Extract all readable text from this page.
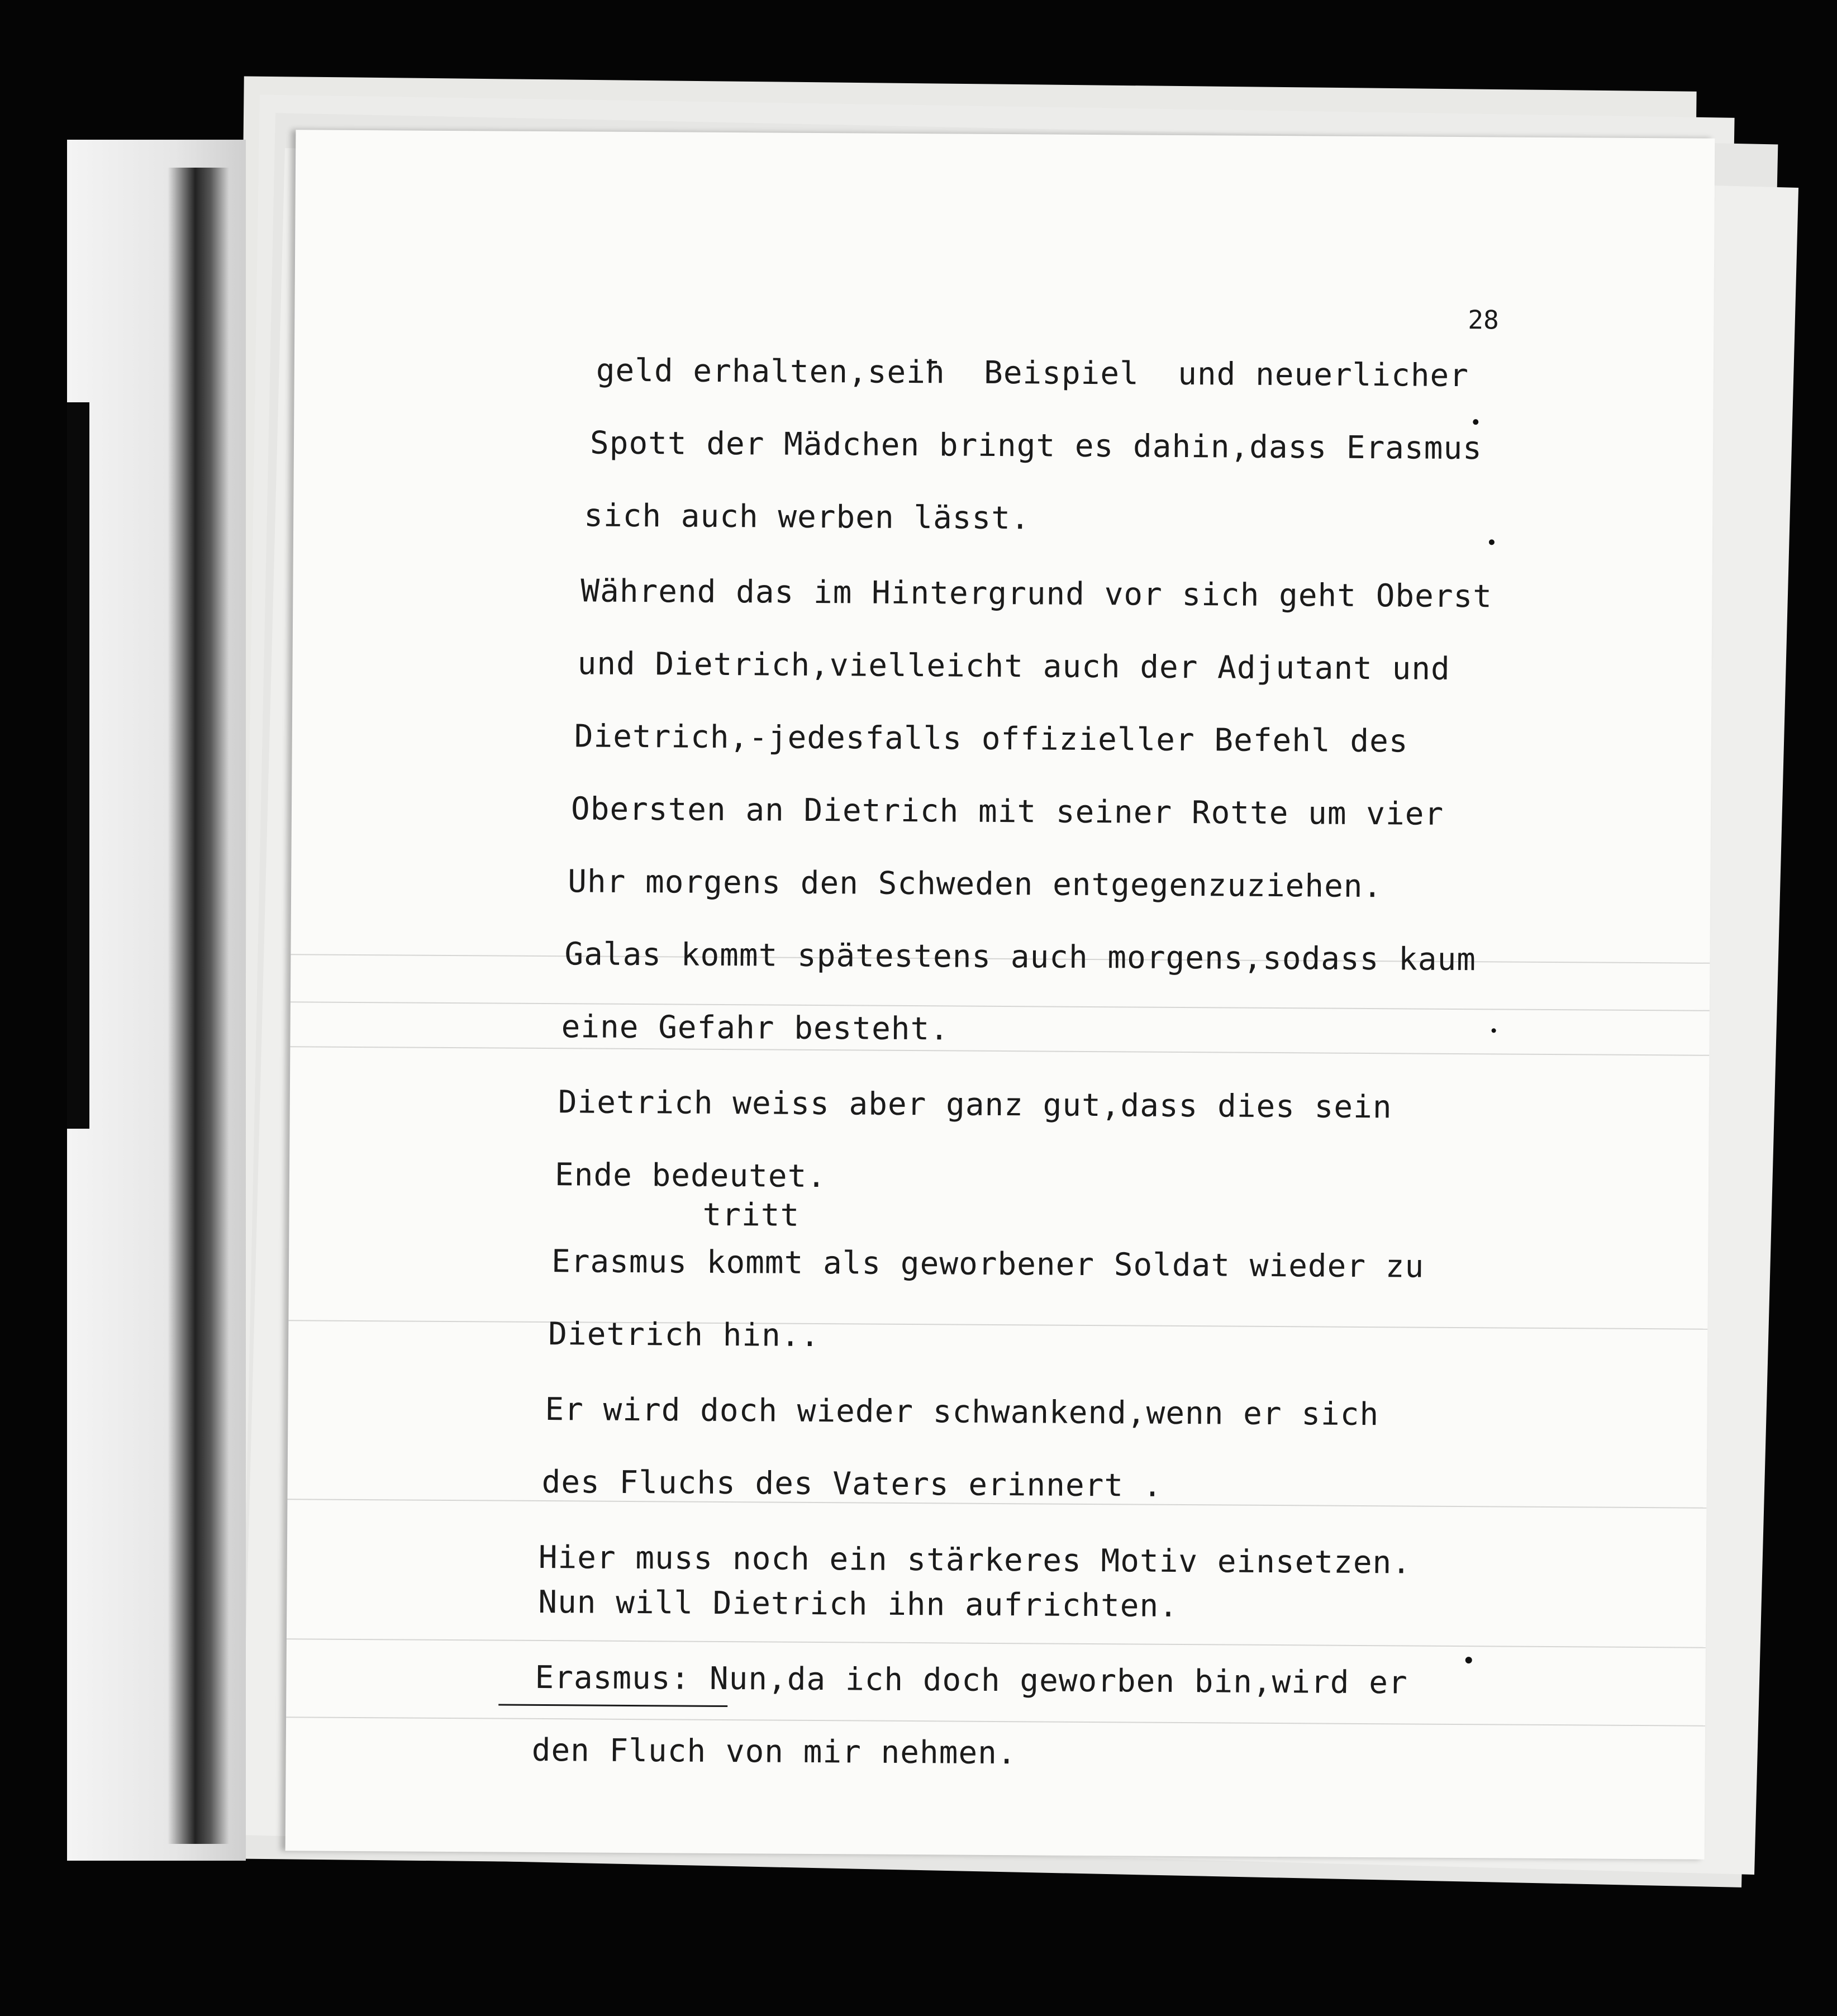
28
geld erhalten,seiħ  Beispiel  und neuerlicher
Spott der Mädchen bringt es dahin,dass Erasmus
sich auch werben lässt.
Während das im Hintergrund vor sich geht Oberst
und Dietrich,vielleicht auch der Adjutant und
Dietrich,-jedesfalls offizieller Befehl des
Obersten an Dietrich mit seiner Rotte um vier
Uhr morgens den Schweden entgegenzuziehen.
Galas kommt spätestens auch morgens,sodass kaum
eine Gefahr besteht.
Dietrich weiss aber ganz gut,dass dies sein
Ende bedeutet.
tritt
Erasmus kommt als geworbener Soldat wieder zu
Dietrich hin..
Er wird doch wieder schwankend,wenn er sich
des Fluchs des Vaters erinnert .
Hier muss noch ein stärkeres Motiv einsetzen.
Nun will Dietrich ihn aufrichten.
Erasmus: Nun,da ich doch geworben bin,wird er
den Fluch von mir nehmen.
